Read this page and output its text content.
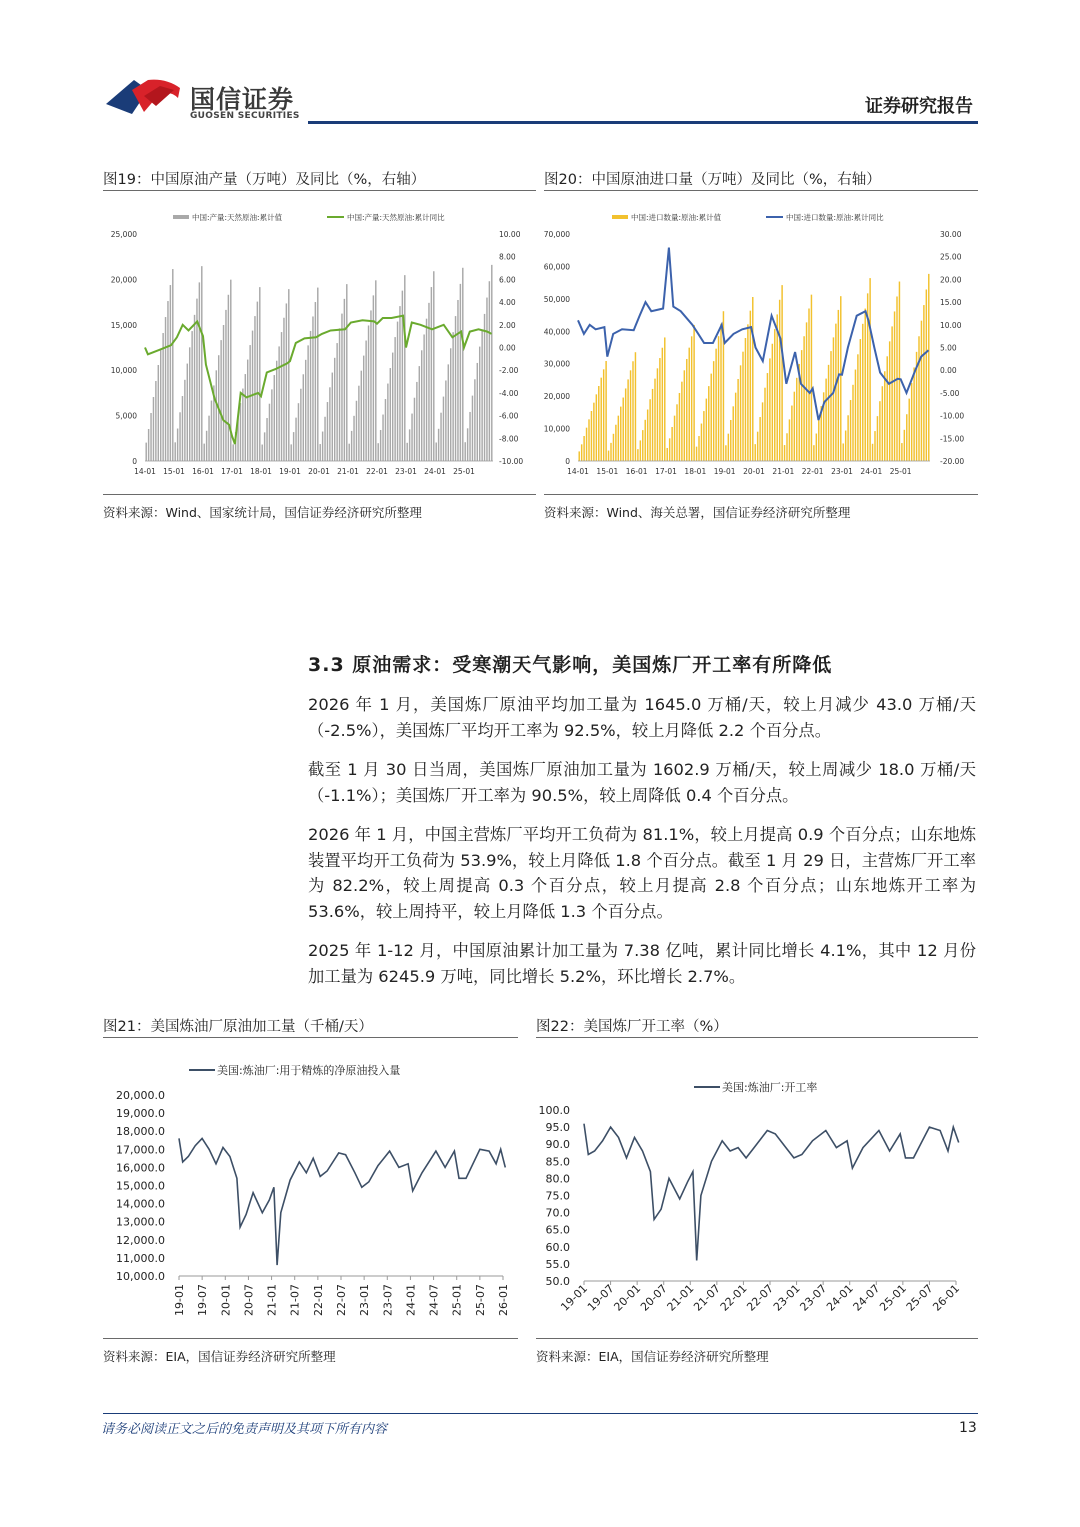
国信证券
GUOSEN SECURITIES	证券研究报告
图19：中国原油产量（万吨）及同比（%，右轴）
中国:产量:天然原油:累计值	中国:产量:天然原油:累计同比
0
5,000
10,000
15,000
20,000
25,000
-10.00
-8.00
-6.00
-4.00
-2.00
0.00
2.00
4.00
6.00
8.00
10.00
14-01 15-01 16-01 17-01 18-01 19-01 20-01 21-01 22-01 23-01 24-01 25-01
资料来源：Wind、国家统计局，国信证券经济研究所整理
图20：中国原油进口量（万吨）及同比（%，右轴）
中国:进口数量:原油:累计值	中国:进口数量:原油:累计同比
0
10,000
20,000
30,000
40,000
50,000
60,000
70,000
-20.00
-15.00
-10.00
-5.00
0.00
5.00
10.00
15.00
20.00
25.00
30.00
14-01 15-01 16-01 17-01 18-01 19-01 20-01 21-01 22-01 23-01 24-01 25-01
资料来源：Wind、海关总署，国信证券经济研究所整理
3.3 原油需求：受寒潮天气影响，美国炼厂开工率有所降低
2026 年 1 月，美国炼厂原油平均加工量为 1645.0 万桶/天，较上月减少 43.0 万桶/天（-2.5%），美国炼厂平均开工率为 92.5%，较上月降低 2.2 个百分点。
截至 1 月 30 日当周，美国炼厂原油加工量为 1602.9 万桶/天，较上周减少 18.0 万桶/天（-1.1%）；美国炼厂开工率为 90.5%，较上周降低 0.4 个百分点。
2026 年 1 月，中国主营炼厂平均开工负荷为 81.1%，较上月提高 0.9 个百分点；山东地炼装置平均开工负荷为 53.9%，较上月降低 1.8 个百分点。截至 1 月 29 日，主营炼厂开工率为 82.2%，较上周提高 0.3 个百分点，较上月提高 2.8 个百分点；山东地炼开工率为 53.6%，较上周持平，较上月降低 1.3 个百分点。
2025 年 1-12 月，中国原油累计加工量为 7.38 亿吨，累计同比增长 4.1%，其中 12 月份加工量为 6245.9 万吨，同比增长 5.2%，环比增长 2.7%。
图21：美国炼油厂原油加工量（千桶/天）
美国:炼油厂:用于精炼的净原油投入量
10,000.0
11,000.0
12,000.0
13,000.0
14,000.0
15,000.0
16,000.0
17,000.0
18,000.0
19,000.0
20,000.0
19-01 19-07 20-01 20-07 21-01 21-07 22-01 22-07 23-01 23-07 24-01 24-07 25-01 25-07 26-01
资料来源：EIA，国信证券经济研究所整理
图22：美国炼厂开工率（%）
美国:炼油厂:开工率
50.0
55.0
60.0
65.0
70.0
75.0
80.0
85.0
90.0
95.0
100.0
19-01
19-07
20-01
20-07
21-01
21-07
22-01
22-07
23-01
23-07
24-01
24-07
25-01
25-07
26-01
资料来源：EIA，国信证券经济研究所整理
请务必阅读正文之后的免责声明及其项下所有内容	13
